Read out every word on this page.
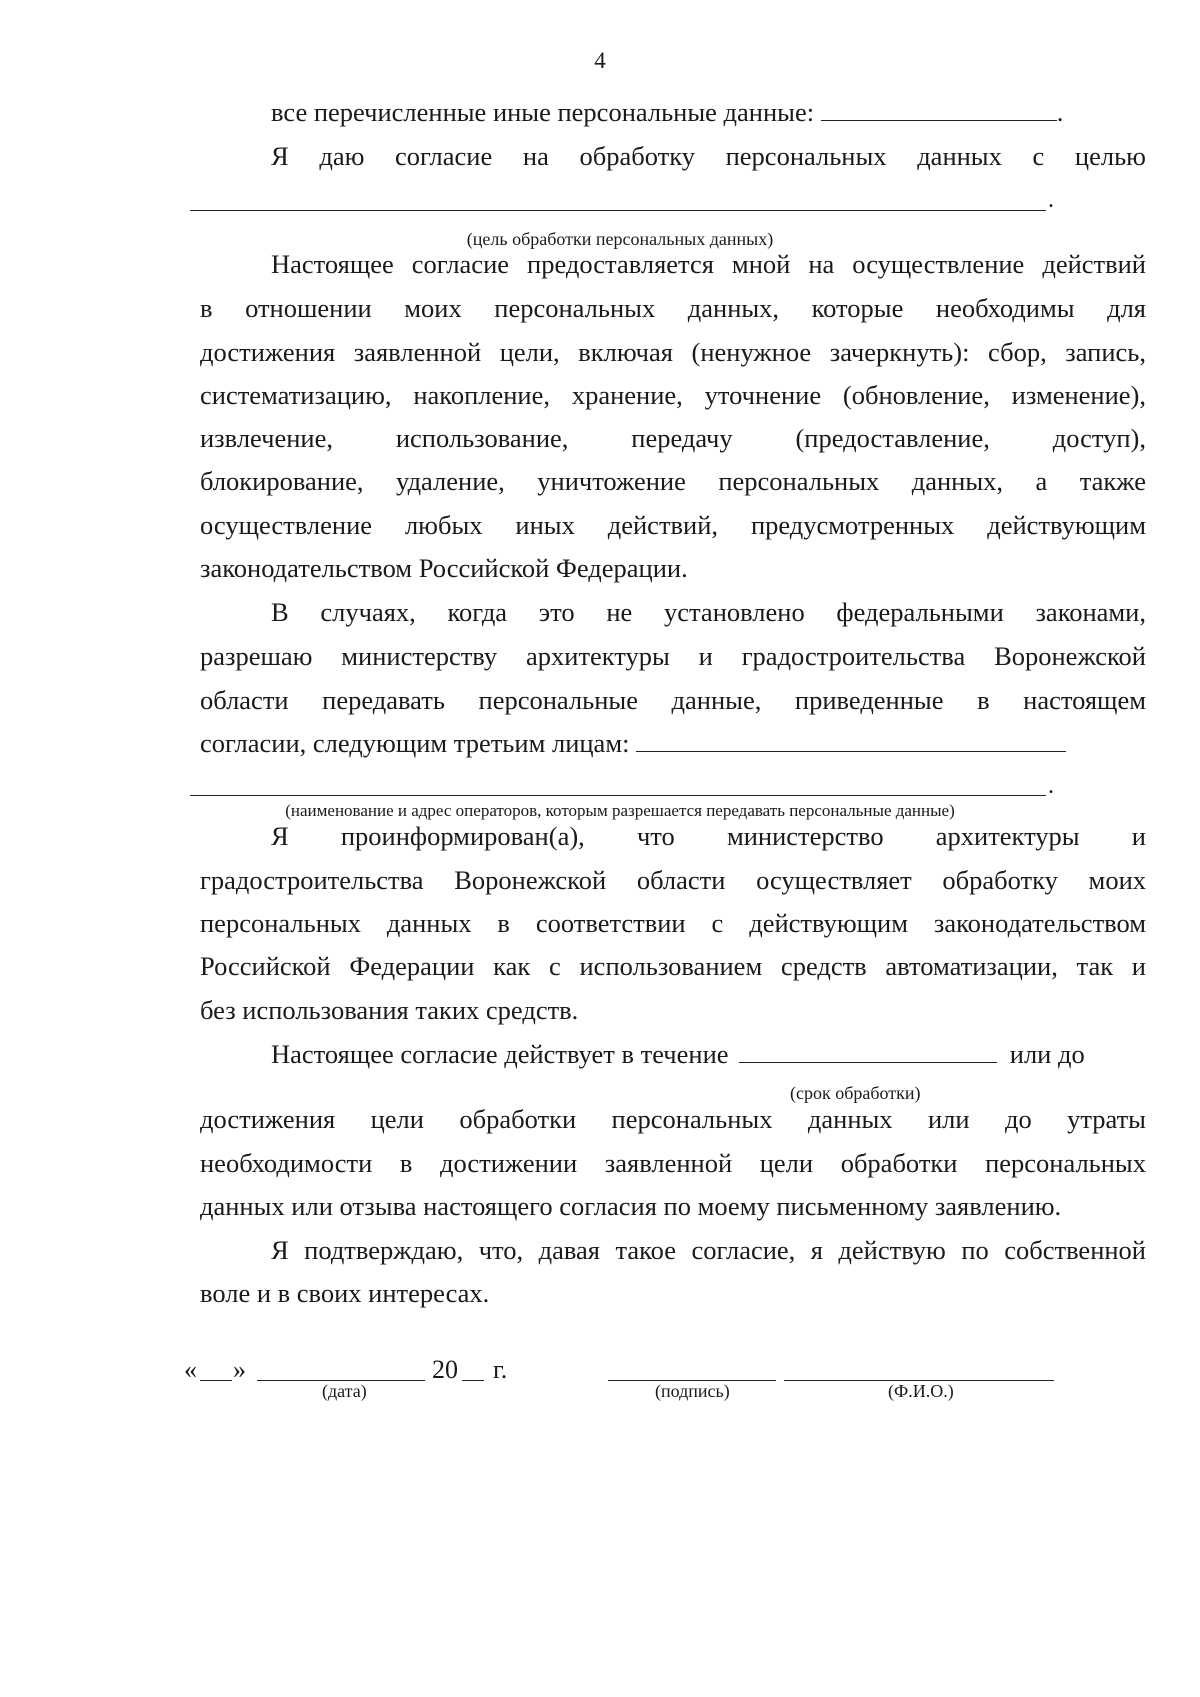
4
все перечисленные иные персональные данные:	.
Я даю согласие на обработку персональных данных с целью
.
(цель обработки персональных данных)
Настоящее согласие предоставляется мной на осуществление действий
в отношении моих персональных данных, которые необходимы для
достижения заявленной цели, включая (ненужное зачеркнуть): сбор, запись,
систематизацию, накопление, хранение, уточнение (обновление, изменение),
извлечение, использование, передачу (предоставление, доступ),
блокирование, удаление, уничтожение персональных данных, а также
осуществление любых иных действий, предусмотренных действующим
законодательством Российской Федерации.
В случаях, когда это не установлено федеральными законами,
разрешаю министерству архитектуры и градостроительства Воронежской
области передавать персональные данные, приведенные в настоящем
согласии, следующим третьим лицам:
.
(наименование и адрес операторов, которым разрешается передавать персональные данные)
Я проинформирован(а), что министерство архитектуры и
градостроительства Воронежской области осуществляет обработку моих
персональных данных в соответствии с действующим законодательством
Российской Федерации как с использованием средств автоматизации, так и
без использования таких средств.
Настоящее согласие действует в течение	или до
(срок обработки)
достижения цели обработки персональных данных или до утраты
необходимости в достижении заявленной цели обработки персональных
данных или отзыва настоящего согласия по моему письменному заявлению.
Я подтверждаю, что, давая такое согласие, я действую по собственной
воле и в своих интересах.
« »	20 г.
(дата)	(подпись)	(Ф.И.О.)
